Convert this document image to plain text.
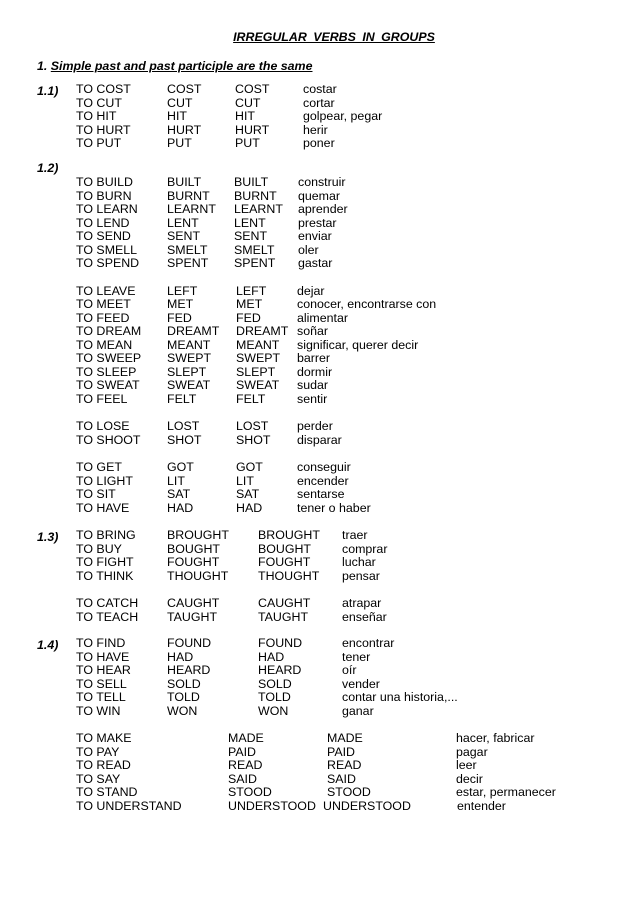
IRREGULAR VERBS IN GROUPS
1. Simple past and past participle are the same
1.1) TO COST	COST	COST	costar
TO CUT	CUT	CUT	cortar
TO HIT	HIT	HIT	golpear, pegar
TO HURT	HURT	HURT	herir
TO PUT	PUT	PUT	poner
1.2)
TO BUILD	BUILT	BUILT construir
TO BURN	BURNT BURNT quemar
TO LEARN LEARNT LEARNT aprender
TO LEND	LENT	LENT	prestar
TO SEND	SENT	SENT enviar
TO SMELL SMELT SMELT oler
TO SPEND SPENT SPENT gastar
TO LEAVE	LEFT	LEFT dejar
TO MEET	MET	MET	conocer, encontrarse con
TO FEED	FED	FED	alimentar
TO DREAM DREAMT DREAMT soñar
TO MEAN	MEANT MEANT significar, querer decir
TO SWEEP SWEPT SWEPT barrer
TO SLEEP SLEPT SLEPT dormir
TO SWEAT SWEAT SWEAT sudar
TO FEEL	FELT	FELT	sentir
TO LOSE	LOST	LOST perder
TO SHOOT SHOT	SHOT disparar
TO GET	GOT	GOT	conseguir
TO LIGHT	LIT	LIT	encender
TO SIT	SAT	SAT	sentarse
TO HAVE	HAD	HAD	tener o haber
1.3) TO BRING	BROUGHT BROUGHT traer
TO BUY	BOUGHT	BOUGHT comprar
TO FIGHT	FOUGHT	FOUGHT	luchar
TO THINK	THOUGHT THOUGHT pensar
TO CATCH CAUGHT	CAUGHT	atrapar
TO TEACH TAUGHT	TAUGHT	enseñar
1.4) TO FIND	FOUND	FOUND	encontrar
TO HAVE	HAD	HAD	tener
TO HEAR	HEARD	HEARD	oír
TO SELL	SOLD	SOLD	vender
TO TELL	TOLD	TOLD	contar una historia,...
TO WIN	WON	WON	ganar
TO MAKE	MADE	MADE	hacer, fabricar
TO PAY	PAID	PAID	pagar
TO READ	READ	READ	leer
TO SAY	SAID	SAID	decir
TO STAND	STOOD	STOOD	estar, permanecer
TO UNDERSTAND	UNDERSTOOD UNDERSTOOD	entender
